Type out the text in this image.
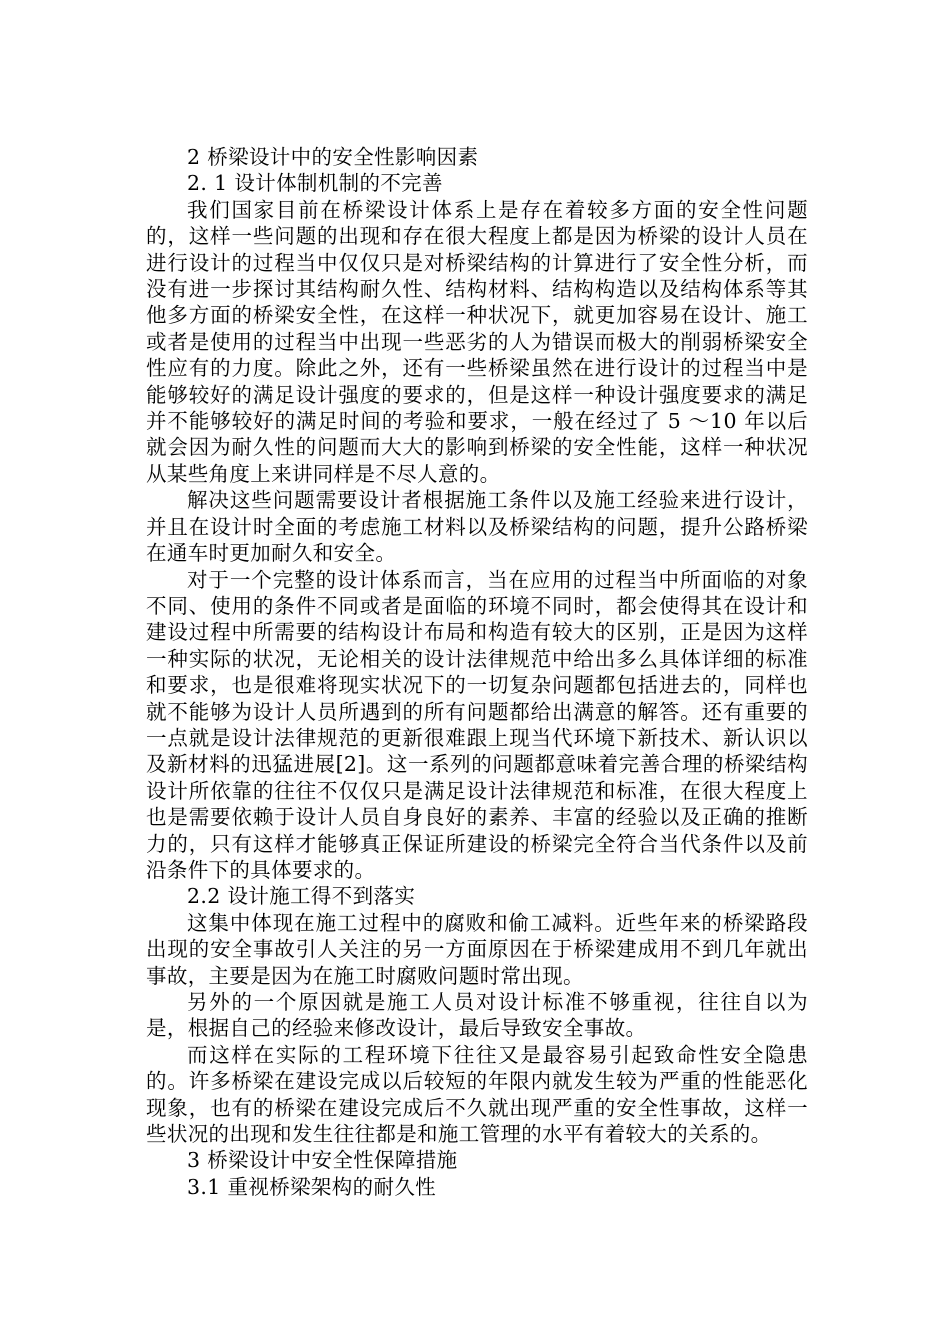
2 桥梁设计中的安全性影响因素

2. 1 设计体制机制的不完善

我们国家目前在桥梁设计体系上是存在着较多方面的安全性问题的，这样一些问题的出现和存在很大程度上都是因为桥梁的设计人员在进行设计的过程当中仅仅只是对桥梁结构的计算进行了安全性分析，而没有进一步探讨其结构耐久性、结构材料、结构构造以及结构体系等其他多方面的桥梁安全性，在这样一种状况下，就更加容易在设计、施工或者是使用的过程当中出现一些恶劣的人为错误而极大的削弱桥梁安全性应有的力度。除此之外，还有一些桥梁虽然在进行设计的过程当中是能够较好的满足设计强度的要求的，但是这样一种设计强度要求的满足并不能够较好的满足时间的考验和要求，一般在经过了 5 ～10 年以后就会因为耐久性的问题而大大的影响到桥梁的安全性能，这样一种状况从某些角度上来讲同样是不尽人意的。

解决这些问题需要设计者根据施工条件以及施工经验来进行设计，并且在设计时全面的考虑施工材料以及桥梁结构的问题，提升公路桥梁在通车时更加耐久和安全。

对于一个完整的设计体系而言，当在应用的过程当中所面临的对象不同、使用的条件不同或者是面临的环境不同时，都会使得其在设计和建设过程中所需要的结构设计布局和构造有较大的区别，正是因为这样一种实际的状况，无论相关的设计法律规范中给出多么具体详细的标准和要求，也是很难将现实状况下的一切复杂问题都包括进去的，同样也就不能够为设计人员所遇到的所有问题都给出满意的解答。还有重要的一点就是设计法律规范的更新很难跟上现当代环境下新技术、新认识以及新材料的迅猛进展[2]。这一系列的问题都意味着完善合理的桥梁结构设计所依靠的往往不仅仅只是满足设计法律规范和标准，在很大程度上也是需要依赖于设计人员自身良好的素养、丰富的经验以及正确的推断力的，只有这样才能够真正保证所建设的桥梁完全符合当代条件以及前沿条件下的具体要求的。

2.2 设计施工得不到落实

这集中体现在施工过程中的腐败和偷工减料。近些年来的桥梁路段出现的安全事故引人关注的另一方面原因在于桥梁建成用不到几年就出事故，主要是因为在施工时腐败问题时常出现。

另外的一个原因就是施工人员对设计标准不够重视，往往自以为是，根据自己的经验来修改设计，最后导致安全事故。

而这样在实际的工程环境下往往又是最容易引起致命性安全隐患的。许多桥梁在建设完成以后较短的年限内就发生较为严重的性能恶化现象，也有的桥梁在建设完成后不久就出现严重的安全性事故，这样一些状况的出现和发生往往都是和施工管理的水平有着较大的关系的。

3 桥梁设计中安全性保障措施

3.1 重视桥梁架构的耐久性
